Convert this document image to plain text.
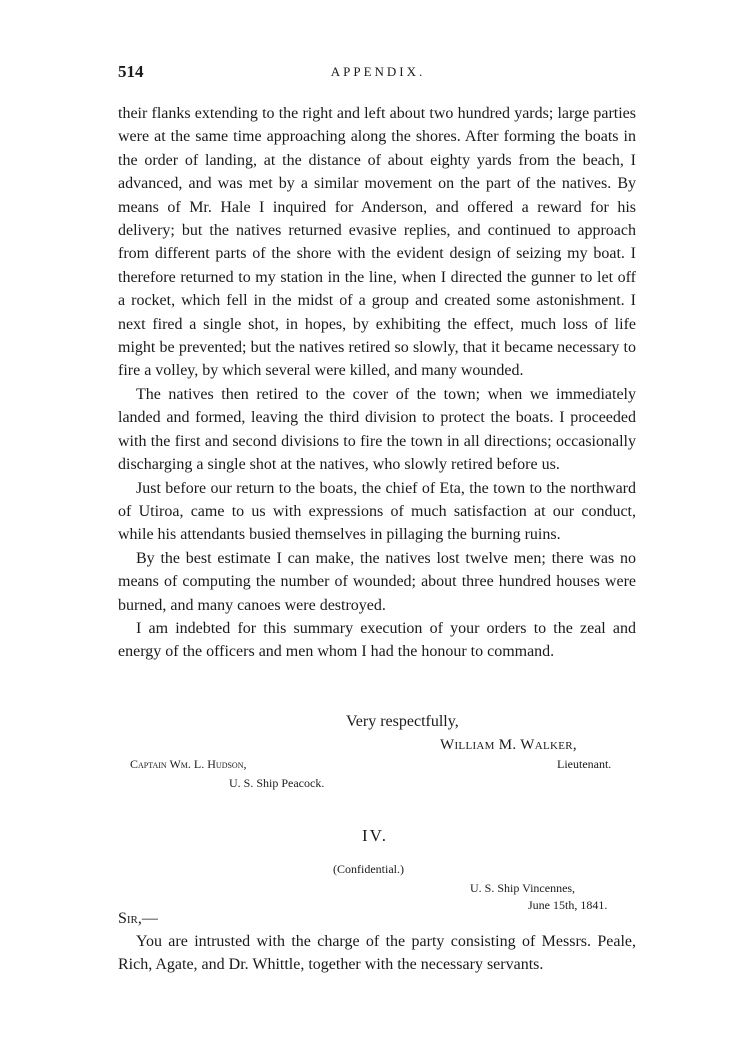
514	APPENDIX.

their flanks extending to the right and left about two hundred yards; large parties were at the same time approaching along the shores. After forming the boats in the order of landing, at the distance of about eighty yards from the beach, I advanced, and was met by a similar movement on the part of the natives. By means of Mr. Hale I inquired for Anderson, and offered a reward for his delivery; but the natives returned evasive replies, and continued to approach from different parts of the shore with the evident design of seizing my boat. I therefore returned to my station in the line, when I directed the gunner to let off a rocket, which fell in the midst of a group and created some astonishment. I next fired a single shot, in hopes, by exhibiting the effect, much loss of life might be prevented; but the natives retired so slowly, that it became necessary to fire a volley, by which several were killed, and many wounded.

The natives then retired to the cover of the town; when we immediately landed and formed, leaving the third division to protect the boats. I proceeded with the first and second divisions to fire the town in all directions; occasionally discharging a single shot at the natives, who slowly retired before us.

Just before our return to the boats, the chief of Eta, the town to the northward of Utiroa, came to us with expressions of much satisfaction at our conduct, while his attendants busied themselves in pillaging the burning ruins.

By the best estimate I can make, the natives lost twelve men; there was no means of computing the number of wounded; about three hundred houses were burned, and many canoes were destroyed.

I am indebted for this summary execution of your orders to the zeal and energy of the officers and men whom I had the honour to command.

Very respectfully,
William M. Walker,
Lieutenant.
Captain Wm. L. Hudson,
U. S. Ship Peacock.
IV.
(Confidential.)
U. S. Ship Vincennes,
June 15th, 1841.
Sir,—

You are intrusted with the charge of the party consisting of Messrs. Peale, Rich, Agate, and Dr. Whittle, together with the necessary servants.
